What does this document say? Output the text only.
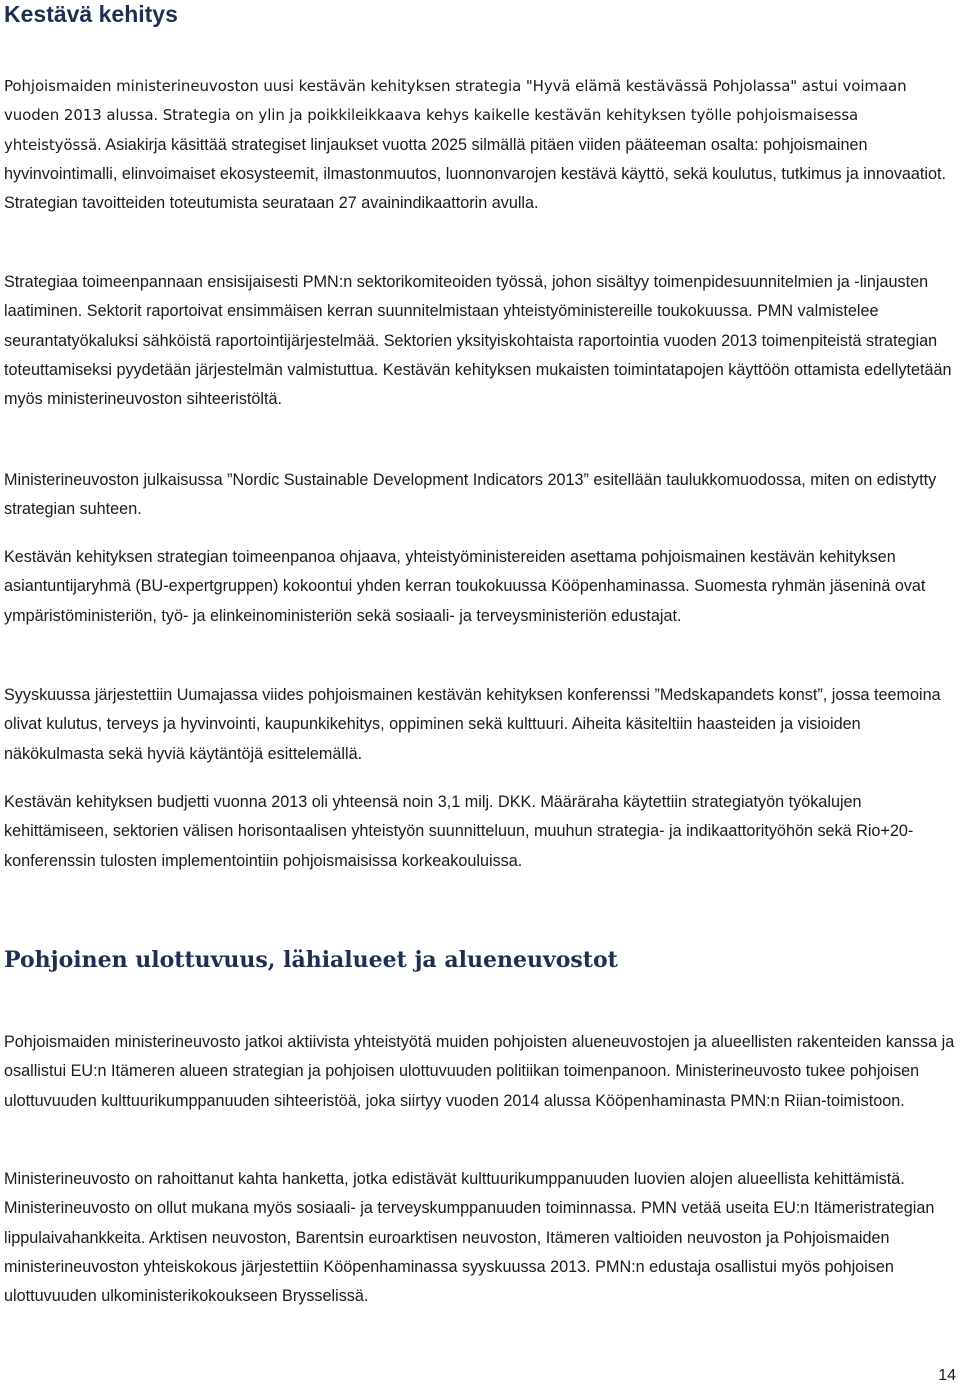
Kestävä kehitys

Pohjoismaiden ministerineuvoston uusi kestävän kehityksen strategia "Hyvä elämä kestävässä Pohjolassa" astui voimaan vuoden 2013 alussa. Strategia on ylin ja poikkileikkaava kehys kaikelle kestävän kehityksen työlle pohjoismaisessa yhteistyössä. Asiakirja käsittää strategiset linjaukset vuotta 2025 silmällä pitäen viiden pääteeman osalta: pohjoismainen hyvinvointimalli, elinvoimaiset ekosysteemit, ilmastonmuutos, luonnonvarojen kestävä käyttö, sekä koulutus, tutkimus ja innovaatiot. Strategian tavoitteiden toteutumista seurataan 27 avainindikaattorin avulla.

Strategiaa toimeenpannaan ensisijaisesti PMN:n sektorikomiteoiden työssä, johon sisältyy toimenpidesuunnitelmien ja -linjausten laatiminen. Sektorit raportoivat ensimmäisen kerran suunnitelmistaan yhteistyöministereille toukokuussa. PMN valmistelee seurantatyökaluksi sähköistä raportointijärjestelmää. Sektorien yksityiskohtaista raportointia vuoden 2013 toimenpiteistä strategian toteuttamiseksi pyydetään järjestelmän valmistuttua. Kestävän kehityksen mukaisten toimintatapojen käyttöön ottamista edellytetään myös ministerineuvoston sihteeristöltä.

Ministerineuvoston julkaisussa ”Nordic Sustainable Development Indicators 2013” esitellään taulukkomuodossa, miten on edistytty strategian suhteen.

Kestävän kehityksen strategian toimeenpanoa ohjaava, yhteistyöministereiden asettama pohjoismainen kestävän kehityksen asiantuntijaryhmä (BU-expertgruppen) kokoontui yhden kerran toukokuussa Kööpenhaminassa. Suomesta ryhmän jäseninä ovat ympäristöministeriön, työ- ja elinkeinoministeriön sekä sosiaali- ja terveysministeriön edustajat.

Syyskuussa järjestettiin Uumajassa viides pohjoismainen kestävän kehityksen konferenssi ”Medskapandets konst”, jossa teemoina olivat kulutus, terveys ja hyvinvointi, kaupunkikehitys, oppiminen sekä kulttuuri. Aiheita käsiteltiin haasteiden ja visioiden näkökulmasta sekä hyviä käytäntöjä esittelemällä.

Kestävän kehityksen budjetti vuonna 2013 oli yhteensä noin 3,1 milj. DKK. Määräraha käytettiin strategiatyön työkalujen kehittämiseen, sektorien välisen horisontaalisen yhteistyön suunnitteluun, muuhun strategia- ja indikaattorityöhön sekä Rio+20-konferenssin tulosten implementointiin pohjoismaisissa korkeakouluissa.

Pohjoinen ulottuvuus, lähialueet ja alueneuvostot

Pohjoismaiden ministerineuvosto jatkoi aktiivista yhteistyötä muiden pohjoisten alueneuvostojen ja alueellisten rakenteiden kanssa ja osallistui EU:n Itämeren alueen strategian ja pohjoisen ulottuvuuden politiikan toimenpanoon. Ministerineuvosto tukee pohjoisen ulottuvuuden kulttuurikumppanuuden sihteeristöä, joka siirtyy vuoden 2014 alussa Kööpenhaminasta PMN:n Riian-toimistoon.

Ministerineuvosto on rahoittanut kahta hanketta, jotka edistävät kulttuurikumppanuuden luovien alojen alueellista kehittämistä. Ministerineuvosto on ollut mukana myös sosiaali- ja terveyskumppanuuden toiminnassa. PMN vetää useita EU:n Itämeristrategian lippulaivahankkeita. Arktisen neuvoston, Barentsin euroarktisen neuvoston, Itämeren valtioiden neuvoston ja Pohjoismaiden ministerineuvoston yhteiskokous järjestettiin Kööpenhaminassa syyskuussa 2013. PMN:n edustaja osallistui myös pohjoisen ulottuvuuden ulkoministerikokoukseen Brysselissä.

14
